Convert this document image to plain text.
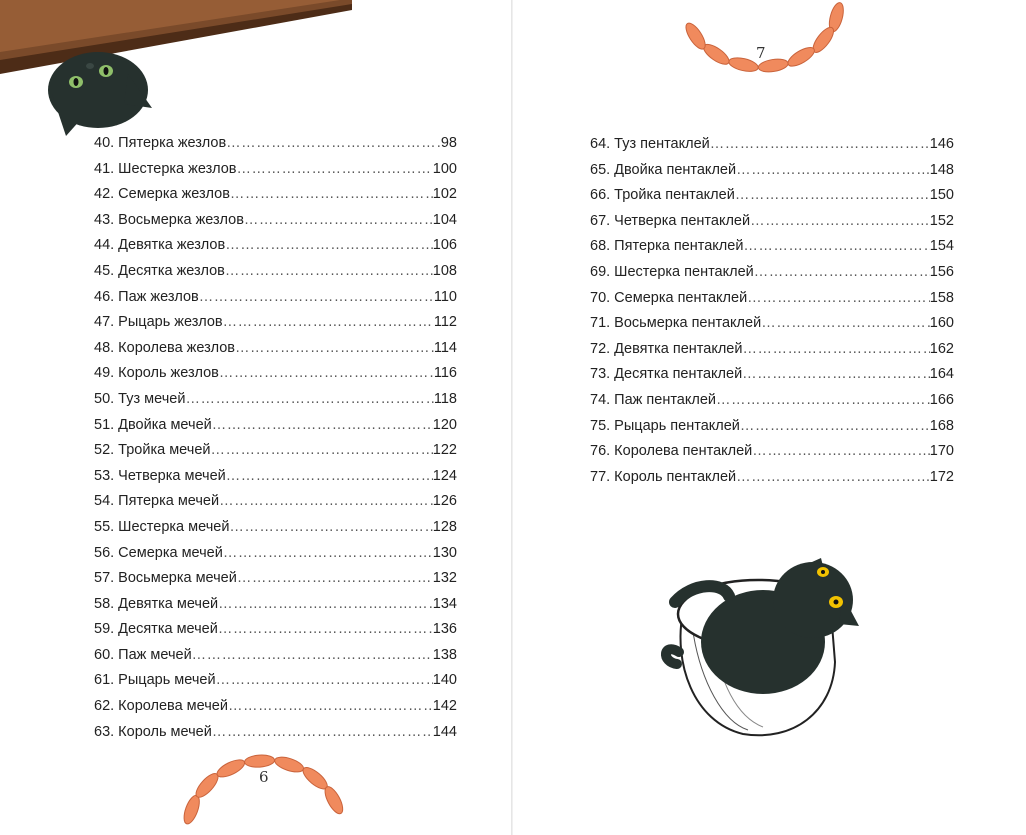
40. Пятерка жезлов ……………………………………………………………………………………………………………	98
41. Шестерка жезлов ……………………………………………………………………………………………………………	100
42. Семерка жезлов ……………………………………………………………………………………………………………	102
43. Восьмерка жезлов ……………………………………………………………………………………………………………	104
44. Девятка жезлов ……………………………………………………………………………………………………………	106
45. Десятка жезлов ……………………………………………………………………………………………………………	108
46. Паж жезлов ……………………………………………………………………………………………………………	110
47. Рыцарь жезлов ……………………………………………………………………………………………………………	112
48. Королева жезлов ……………………………………………………………………………………………………………	114
49. Король жезлов ……………………………………………………………………………………………………………	116
50. Туз мечей ……………………………………………………………………………………………………………	118
51. Двойка мечей ……………………………………………………………………………………………………………	120
52. Тройка мечей ……………………………………………………………………………………………………………	122
53. Четверка мечей ……………………………………………………………………………………………………………	124
54. Пятерка мечей ……………………………………………………………………………………………………………	126
55. Шестерка мечей ……………………………………………………………………………………………………………	128
56. Семерка мечей ……………………………………………………………………………………………………………	130
57. Восьмерка мечей ……………………………………………………………………………………………………………	132
58. Девятка мечей ……………………………………………………………………………………………………………	134
59. Десятка мечей ……………………………………………………………………………………………………………	136
60. Паж мечей ……………………………………………………………………………………………………………	138
61. Рыцарь мечей ……………………………………………………………………………………………………………	140
62. Королева мечей ……………………………………………………………………………………………………………	142
63. Король мечей ……………………………………………………………………………………………………………	144
6
7
64. Туз пентаклей ……………………………………………………………………………………………………………	146
65. Двойка пентаклей ……………………………………………………………………………………………………………	148
66. Тройка пентаклей ……………………………………………………………………………………………………………	150
67. Четверка пентаклей ……………………………………………………………………………………………………………	152
68. Пятерка пентаклей ……………………………………………………………………………………………………………	154
69. Шестерка пентаклей ……………………………………………………………………………………………………………	156
70. Семерка пентаклей ……………………………………………………………………………………………………………	158
71. Восьмерка пентаклей ……………………………………………………………………………………………………………	160
72. Девятка пентаклей ……………………………………………………………………………………………………………	162
73. Десятка пентаклей ……………………………………………………………………………………………………………	164
74. Паж пентаклей ……………………………………………………………………………………………………………	166
75. Рыцарь пентаклей ……………………………………………………………………………………………………………	168
76. Королева пентаклей ……………………………………………………………………………………………………………	170
77. Король пентаклей ……………………………………………………………………………………………………………	172
